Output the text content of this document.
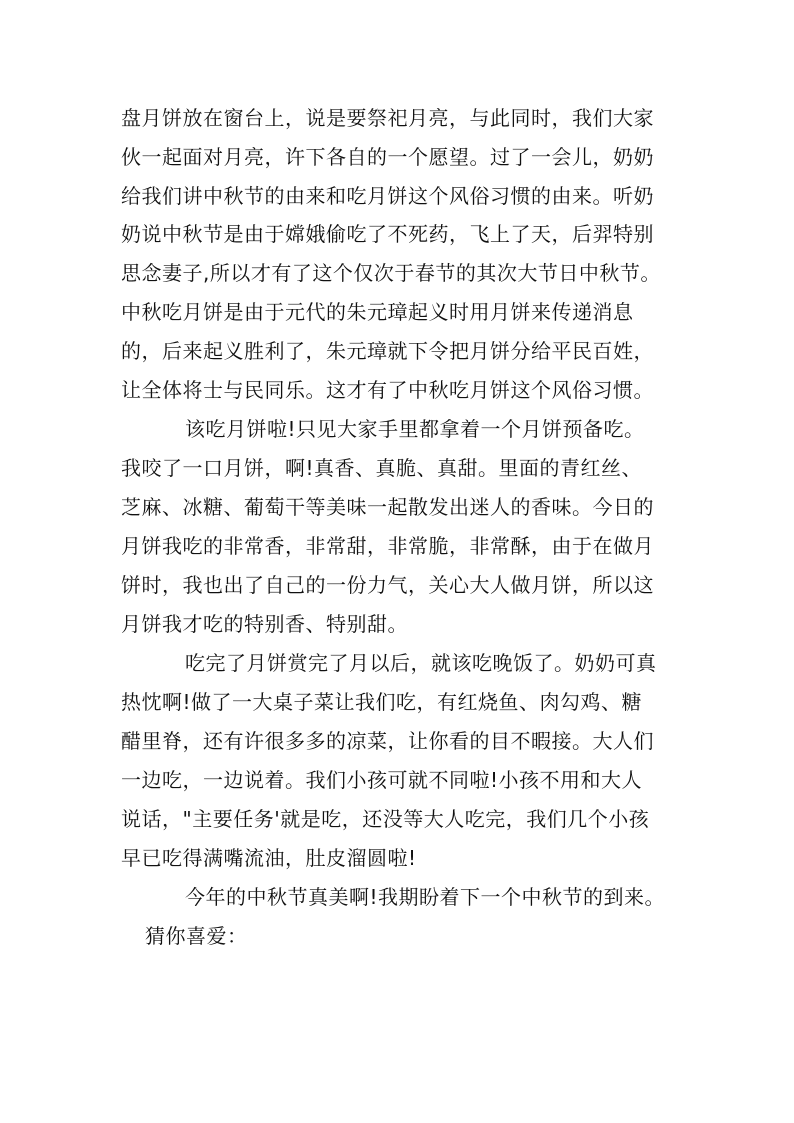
盘月饼放在窗台上，说是要祭祀月亮，与此同时，我们大家
伙一起面对月亮，许下各自的一个愿望。过了一会儿，奶奶
给我们讲中秋节的由来和吃月饼这个风俗习惯的由来。听奶
奶说中秋节是由于嫦娥偷吃了不死药，飞上了天，后羿特别
思念妻子,所以才有了这个仅次于春节的其次大节日中秋节。
中秋吃月饼是由于元代的朱元璋起义时用月饼来传递消息
的，后来起义胜利了，朱元璋就下令把月饼分给平民百姓，
让全体将士与民同乐。这才有了中秋吃月饼这个风俗习惯。
该吃月饼啦!只见大家手里都拿着一个月饼预备吃。
我咬了一口月饼，啊!真香、真脆、真甜。里面的青红丝、
芝麻、冰糖、葡萄干等美味一起散发出迷人的香味。今日的
月饼我吃的非常香，非常甜，非常脆，非常酥，由于在做月
饼时，我也出了自己的一份力气，关心大人做月饼，所以这
月饼我才吃的特别香、特别甜。
吃完了月饼赏完了月以后，就该吃晚饭了。奶奶可真
热忱啊!做了一大桌子菜让我们吃，有红烧鱼、肉勾鸡、糖
醋里脊，还有许很多多的凉菜，让你看的目不暇接。大人们
一边吃，一边说着。我们小孩可就不同啦!小孩不用和大人
说话，"主要任务'就是吃，还没等大人吃完，我们几个小孩
早已吃得满嘴流油，肚皮溜圆啦!
今年的中秋节真美啊!我期盼着下一个中秋节的到来。
猜你喜爱：
